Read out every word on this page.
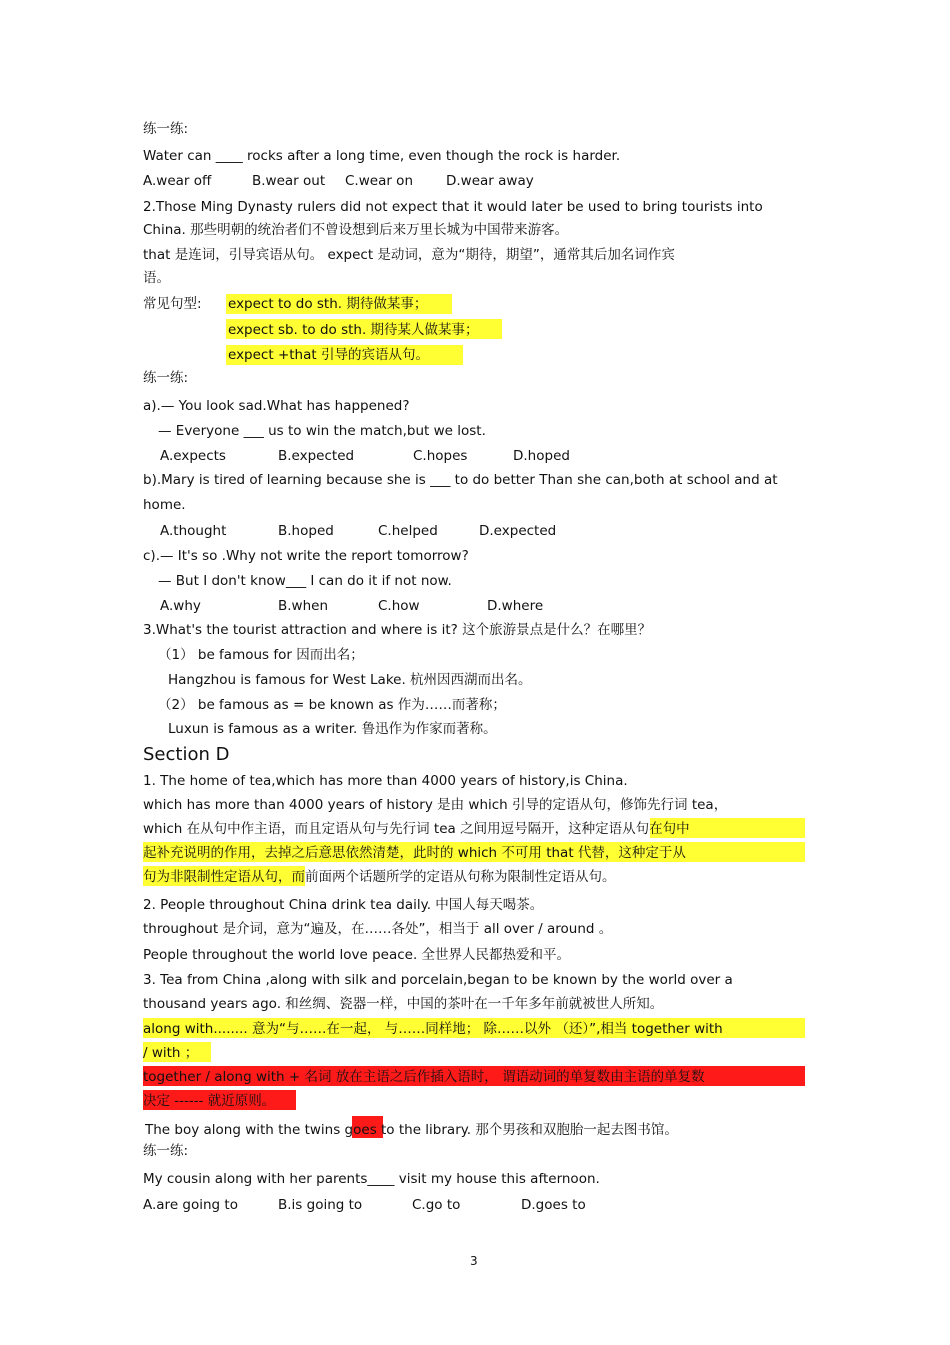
练一练:
Water can ____ rocks after a long time, even though the rock is harder.
A.wear off	B.wear out C.wear on D.wear away
2.Those Ming Dynasty rulers did not expect that it would later be used to bring tourists into
China. 那些明朝的统治者们不曾设想到后来万里长城为中国带来游客。
that 是连词，引导宾语从句。 expect 是动词，意为“期待，期望”，通常其后加名词作宾
语。
常见句型: expect to do sth. 期待做某事；
expect sb. to do sth. 期待某人做某事；
expect +that 引导的宾语从句。
练一练:
a).— You look sad.What has happened?
— Everyone ___ us to win the match,but we lost.
A.expects	B.expected	C.hopes	D.hoped
b).Mary is tired of learning because she is ___ to do better Than she can,both at school and at
home.
A.thought	B.hoped	C.helped	D.expected
c).— It's so .Why not write the report tomorrow?
— But I don't know___ I can do it if not now.
A.why	B.when	C.how	D.where
3.What's the tourist attraction and where is it? 这个旅游景点是什么？在哪里？
（1） be famous for 因而出名；
Hangzhou is famous for West Lake. 杭州因西湖而出名。
（2） be famous as = be known as 作为……而著称；
Luxun is famous as a writer. 鲁迅作为作家而著称。
Section D
1. The home of tea,which has more than 4000 years of history,is China.
which has more than 4000 years of history 是由 which 引导的定语从句，修饰先行词 tea，
which 在从句中作主语，而且定语从句与先行词 tea 之间用逗号隔开，这种定语从句在句中
起补充说明的作用，去掉之后意思依然清楚，此时的 which 不可用 that 代替，这种定于从
句为非限制性定语从句，而前面两个话题所学的定语从句称为限制性定语从句。
2. People throughout China drink tea daily. 中国人每天喝茶。
throughout 是介词，意为“遍及，在……各处”，相当于 all over / around 。
People throughout the world love peace. 全世界人民都热爱和平。
3. Tea from China ,along with silk and porcelain,began to be known by the world over a
thousand years ago. 和丝绸、瓷器一样，中国的茶叶在一千年多年前就被世人所知。
along with........ 意为“与……在一起， 与……同样地； 除……以外 （还）”,相当 together with
/ with ；
together / along with + 名词 放在主语之后作插入语时， 谓语动词的单复数由主语的单复数
决定 ------ 就近原则。
The boy along with the twins goes to the library. 那个男孩和双胞胎一起去图书馆。
练一练:
My cousin along with her parents____ visit my house this afternoon.
A.are going to	B.is going to	C.go to	D.goes to
3
